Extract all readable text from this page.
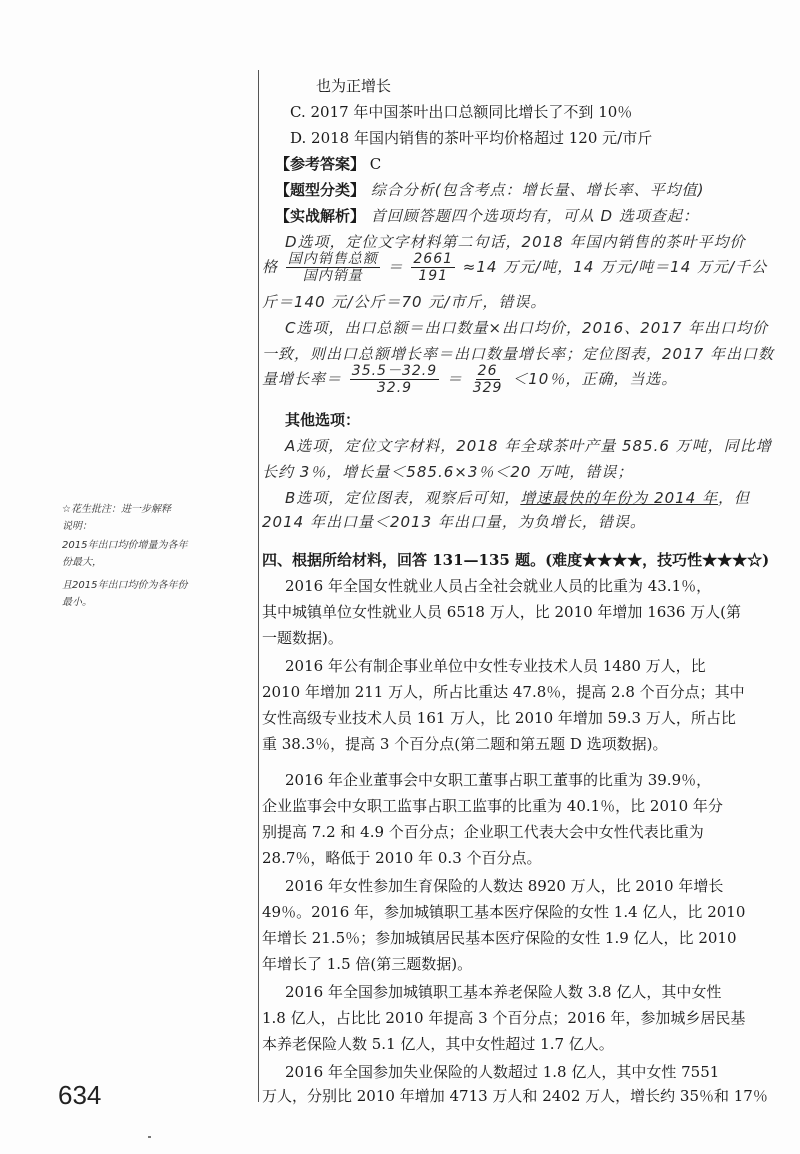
☆花生批注：进一步解释
说明：
2015年出口均价增量为各年
份最大，
且2015年出口均价为各年份
最小。
也为正增长
C. 2017 年中国茶叶出口总额同比增长了不到 10％
D. 2018 年国内销售的茶叶平均价格超过 120 元/市斤
【参考答案】 C
【题型分类】 综合分析(包含考点：增长量、增长率、平均值)
【实战解析】 首回顾答题四个选项均有，可从 D 选项查起：
D选项，定位文字材料第二句话，2018 年国内销售的茶叶平均价
格 $\frac{\text{国内销售总额}}{\text{国内销量}} = \frac{2661}{191} \approx 14$ 万元/吨，14 万元/吨＝14 万元/千公
斤＝140 元/公斤＝70 元/市斤，错误。
C选项，出口总额＝出口数量×出口均价，2016、2017 年出口均价
一致，则出口总额增长率＝出口数量增长率；定位图表，2017 年出口数
量增长率＝ $\frac{35.5-32.9}{32.9} = \frac{26}{329} <10$％，正确，当选。
其他选项：
A选项，定位文字材料，2018 年全球茶叶产量 585.6 万吨，同比增
长约 3％，增长量＜585.6×3％＜20 万吨，错误；
B选项，定位图表，观察后可知，增速最快的年份为 2014 年，但
2014 年出口量＜2013 年出口量，为负增长，错误。
四、根据所给材料，回答 131—135 题。(难度★★★★，技巧性★★★☆)
2016 年全国女性就业人员占全社会就业人员的比重为 43.1％，
其中城镇单位女性就业人员 6518 万人，比 2010 年增加 1636 万人(第
一题数据)。
2016 年公有制企事业单位中女性专业技术人员 1480 万人，比
2010 年增加 211 万人，所占比重达 47.8％，提高 2.8 个百分点；其中
女性高级专业技术人员 161 万人，比 2010 年增加 59.3 万人，所占比
重 38.3％，提高 3 个百分点(第二题和第五题 D 选项数据)。
2016 年企业董事会中女职工董事占职工董事的比重为 39.9％，
企业监事会中女职工监事占职工监事的比重为 40.1％，比 2010 年分
别提高 7.2 和 4.9 个百分点；企业职工代表大会中女性代表比重为
28.7％，略低于 2010 年 0.3 个百分点。
2016 年女性参加生育保险的人数达 8920 万人，比 2010 年增长
49％。2016 年，参加城镇职工基本医疗保险的女性 1.4 亿人，比 2010
年增长 21.5％；参加城镇居民基本医疗保险的女性 1.9 亿人，比 2010
年增长了 1.5 倍(第三题数据)。
2016 年全国参加城镇职工基本养老保险人数 3.8 亿人，其中女性
1.8 亿人，占比比 2010 年提高 3 个百分点；2016 年，参加城乡居民基
本养老保险人数 5.1 亿人，其中女性超过 1.7 亿人。
2016 年全国参加失业保险的人数超过 1.8 亿人，其中女性 7551
万人，分别比 2010 年增加 4713 万人和 2402 万人，增长约 35％和 17％
634
